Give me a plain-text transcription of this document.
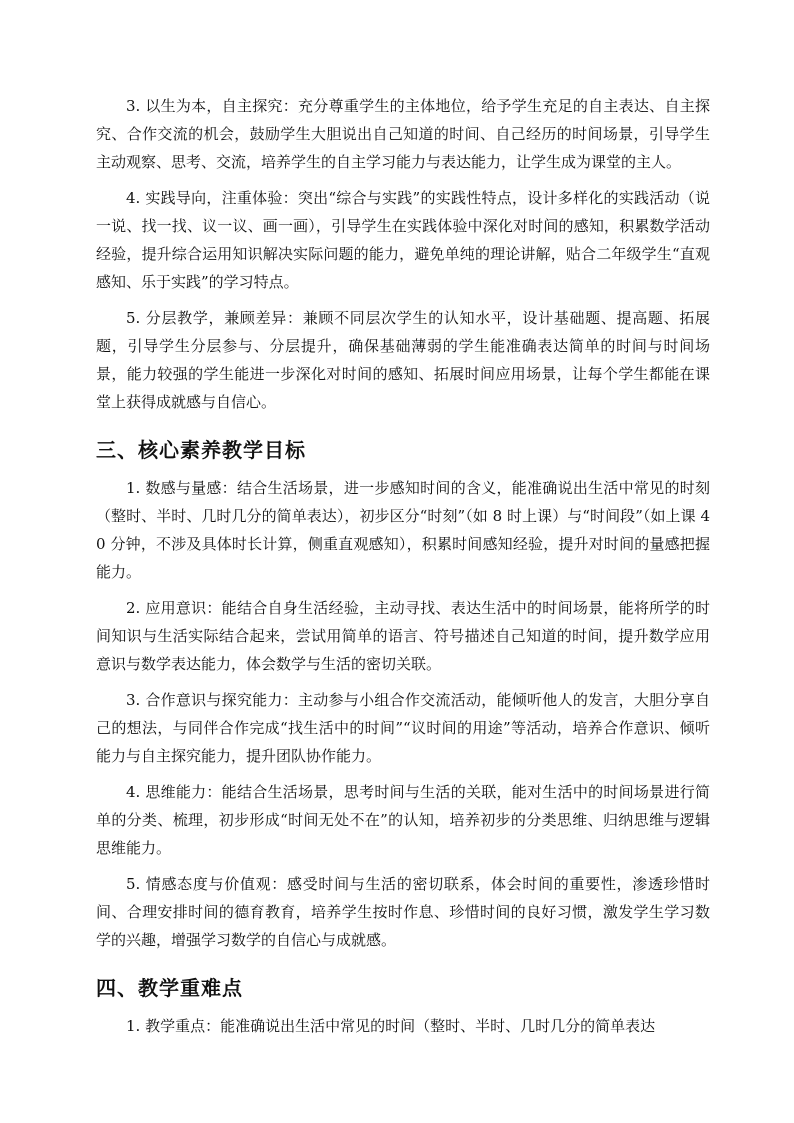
3. 以生为本，自主探究：充分尊重学生的主体地位，给予学生充足的自主表达、自主探究、合作交流的机会，鼓励学生大胆说出自己知道的时间、自己经历的时间场景，引导学生主动观察、思考、交流，培养学生的自主学习能力与表达能力，让学生成为课堂的主人。

4. 实践导向，注重体验：突出“综合与实践”的实践性特点，设计多样化的实践活动（说一说、找一找、议一议、画一画），引导学生在实践体验中深化对时间的感知，积累数学活动经验，提升综合运用知识解决实际问题的能力，避免单纯的理论讲解，贴合二年级学生“直观感知、乐于实践”的学习特点。

5. 分层教学，兼顾差异：兼顾不同层次学生的认知水平，设计基础题、提高题、拓展题，引导学生分层参与、分层提升，确保基础薄弱的学生能准确表达简单的时间与时间场景，能力较强的学生能进一步深化对时间的感知、拓展时间应用场景，让每个学生都能在课堂上获得成就感与自信心。

三、核心素养教学目标

1. 数感与量感：结合生活场景，进一步感知时间的含义，能准确说出生活中常见的时刻（整时、半时、几时几分的简单表达），初步区分“时刻”（如 8 时上课）与“时间段”（如上课 40 分钟，不涉及具体时长计算，侧重直观感知），积累时间感知经验，提升对时间的量感把握能力。

2. 应用意识：能结合自身生活经验，主动寻找、表达生活中的时间场景，能将所学的时间知识与生活实际结合起来，尝试用简单的语言、符号描述自己知道的时间，提升数学应用意识与数学表达能力，体会数学与生活的密切关联。

3. 合作意识与探究能力：主动参与小组合作交流活动，能倾听他人的发言，大胆分享自己的想法，与同伴合作完成“找生活中的时间”“议时间的用途”等活动，培养合作意识、倾听能力与自主探究能力，提升团队协作能力。

4. 思维能力：能结合生活场景，思考时间与生活的关联，能对生活中的时间场景进行简单的分类、梳理，初步形成“时间无处不在”的认知，培养初步的分类思维、归纳思维与逻辑思维能力。

5. 情感态度与价值观：感受时间与生活的密切联系，体会时间的重要性，渗透珍惜时间、合理安排时间的德育教育，培养学生按时作息、珍惜时间的良好习惯，激发学生学习数学的兴趣，增强学习数学的自信心与成就感。

四、教学重难点

1. 教学重点：能准确说出生活中常见的时间（整时、半时、几时几分的简单表达
